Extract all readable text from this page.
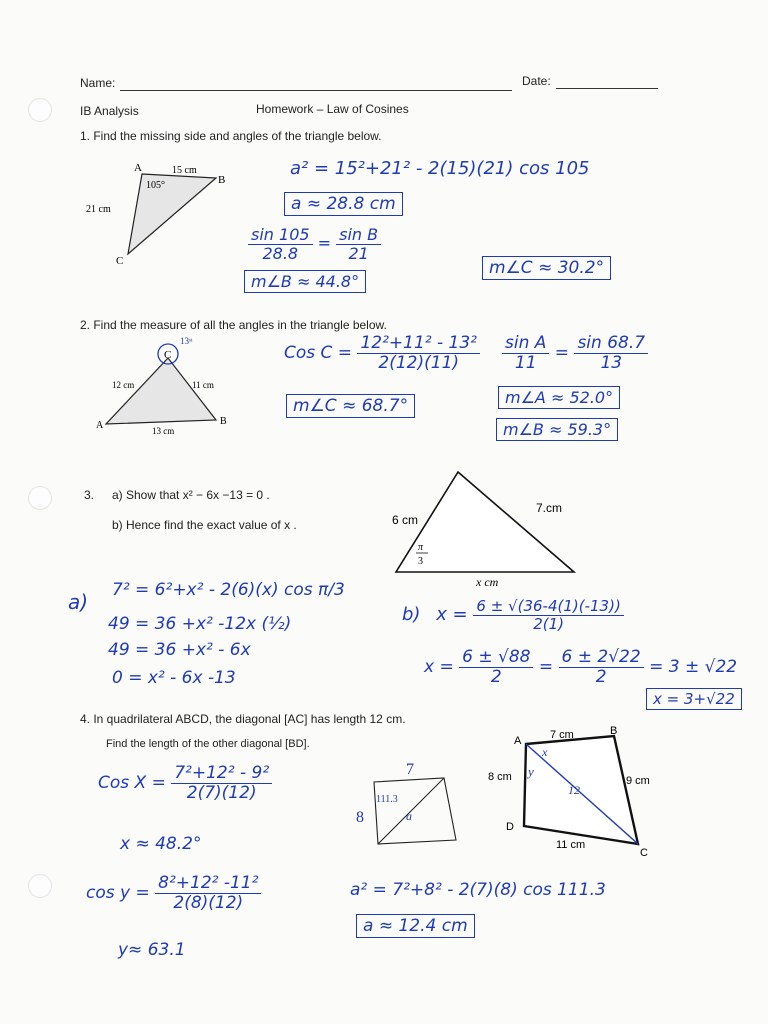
Name:	Date:
IB Analysis	Homework – Law of Cosines
1. Find the missing side and angles of the triangle below.
A
B
C
15 cm
21 cm
105°
a² = 15²+21² - 2(15)(21) cos 105
a ≈ 28.8 cm
$\frac{\sin 105}{28.8} = \frac{\text{sin B}}{21}$
m∠B ≈ 44.8°
m∠C ≈ 30.2°
2. Find the measure of all the angles in the triangle below.
C
13ˢᵗ
A	B
12 cm	11 cm
13 cm
Cos $C = \frac{\text{12²+11² - 13²}}{2(12)(11)}$
m∠C ≈ 68.7°
$\frac{\text{sin A}}{11} = \frac{\sin 68.7}{13}$
m∠A ≈ 52.0°
m∠B ≈ 59.3°
3. a) Show that x² − 6x −13 = 0 .
b) Hence find the exact value of x .	6 cm
7.cm
x cm
π
3
a) 7² = 6²+x² - 2(6)(x) cos π/3
49 = 36 +x² -12x (½)
49 = 36 +x² - 6x
0 = x² - 6x -13
b) $x = \frac{6 \pm √(36-4(1)(-13))}{2(1)}$
$x = \frac{6 \pm √88}{2} = \frac{6 \pm 2√22}{2} = 3 \pm √22$
x = 3+√22
4. In quadrilateral ABCD, the diagonal [AC] has length 12 cm.
Find the length of the other diagonal [BD].	A
B
C
D
7 cm
8 cm	9 cm
11 cm
12
x
y
7
8
111.3
a
Cos $X = \frac{\text{7²+12² - 9²}}{2(7)(12)}$
x ≈ 48.2°
$\cos y = \frac{\text{8²+12² -11²}}{2(8)(12)}$
y≈ 63.1
a² = 7²+8² - 2(7)(8) cos 111.3
a ≈ 12.4 cm
